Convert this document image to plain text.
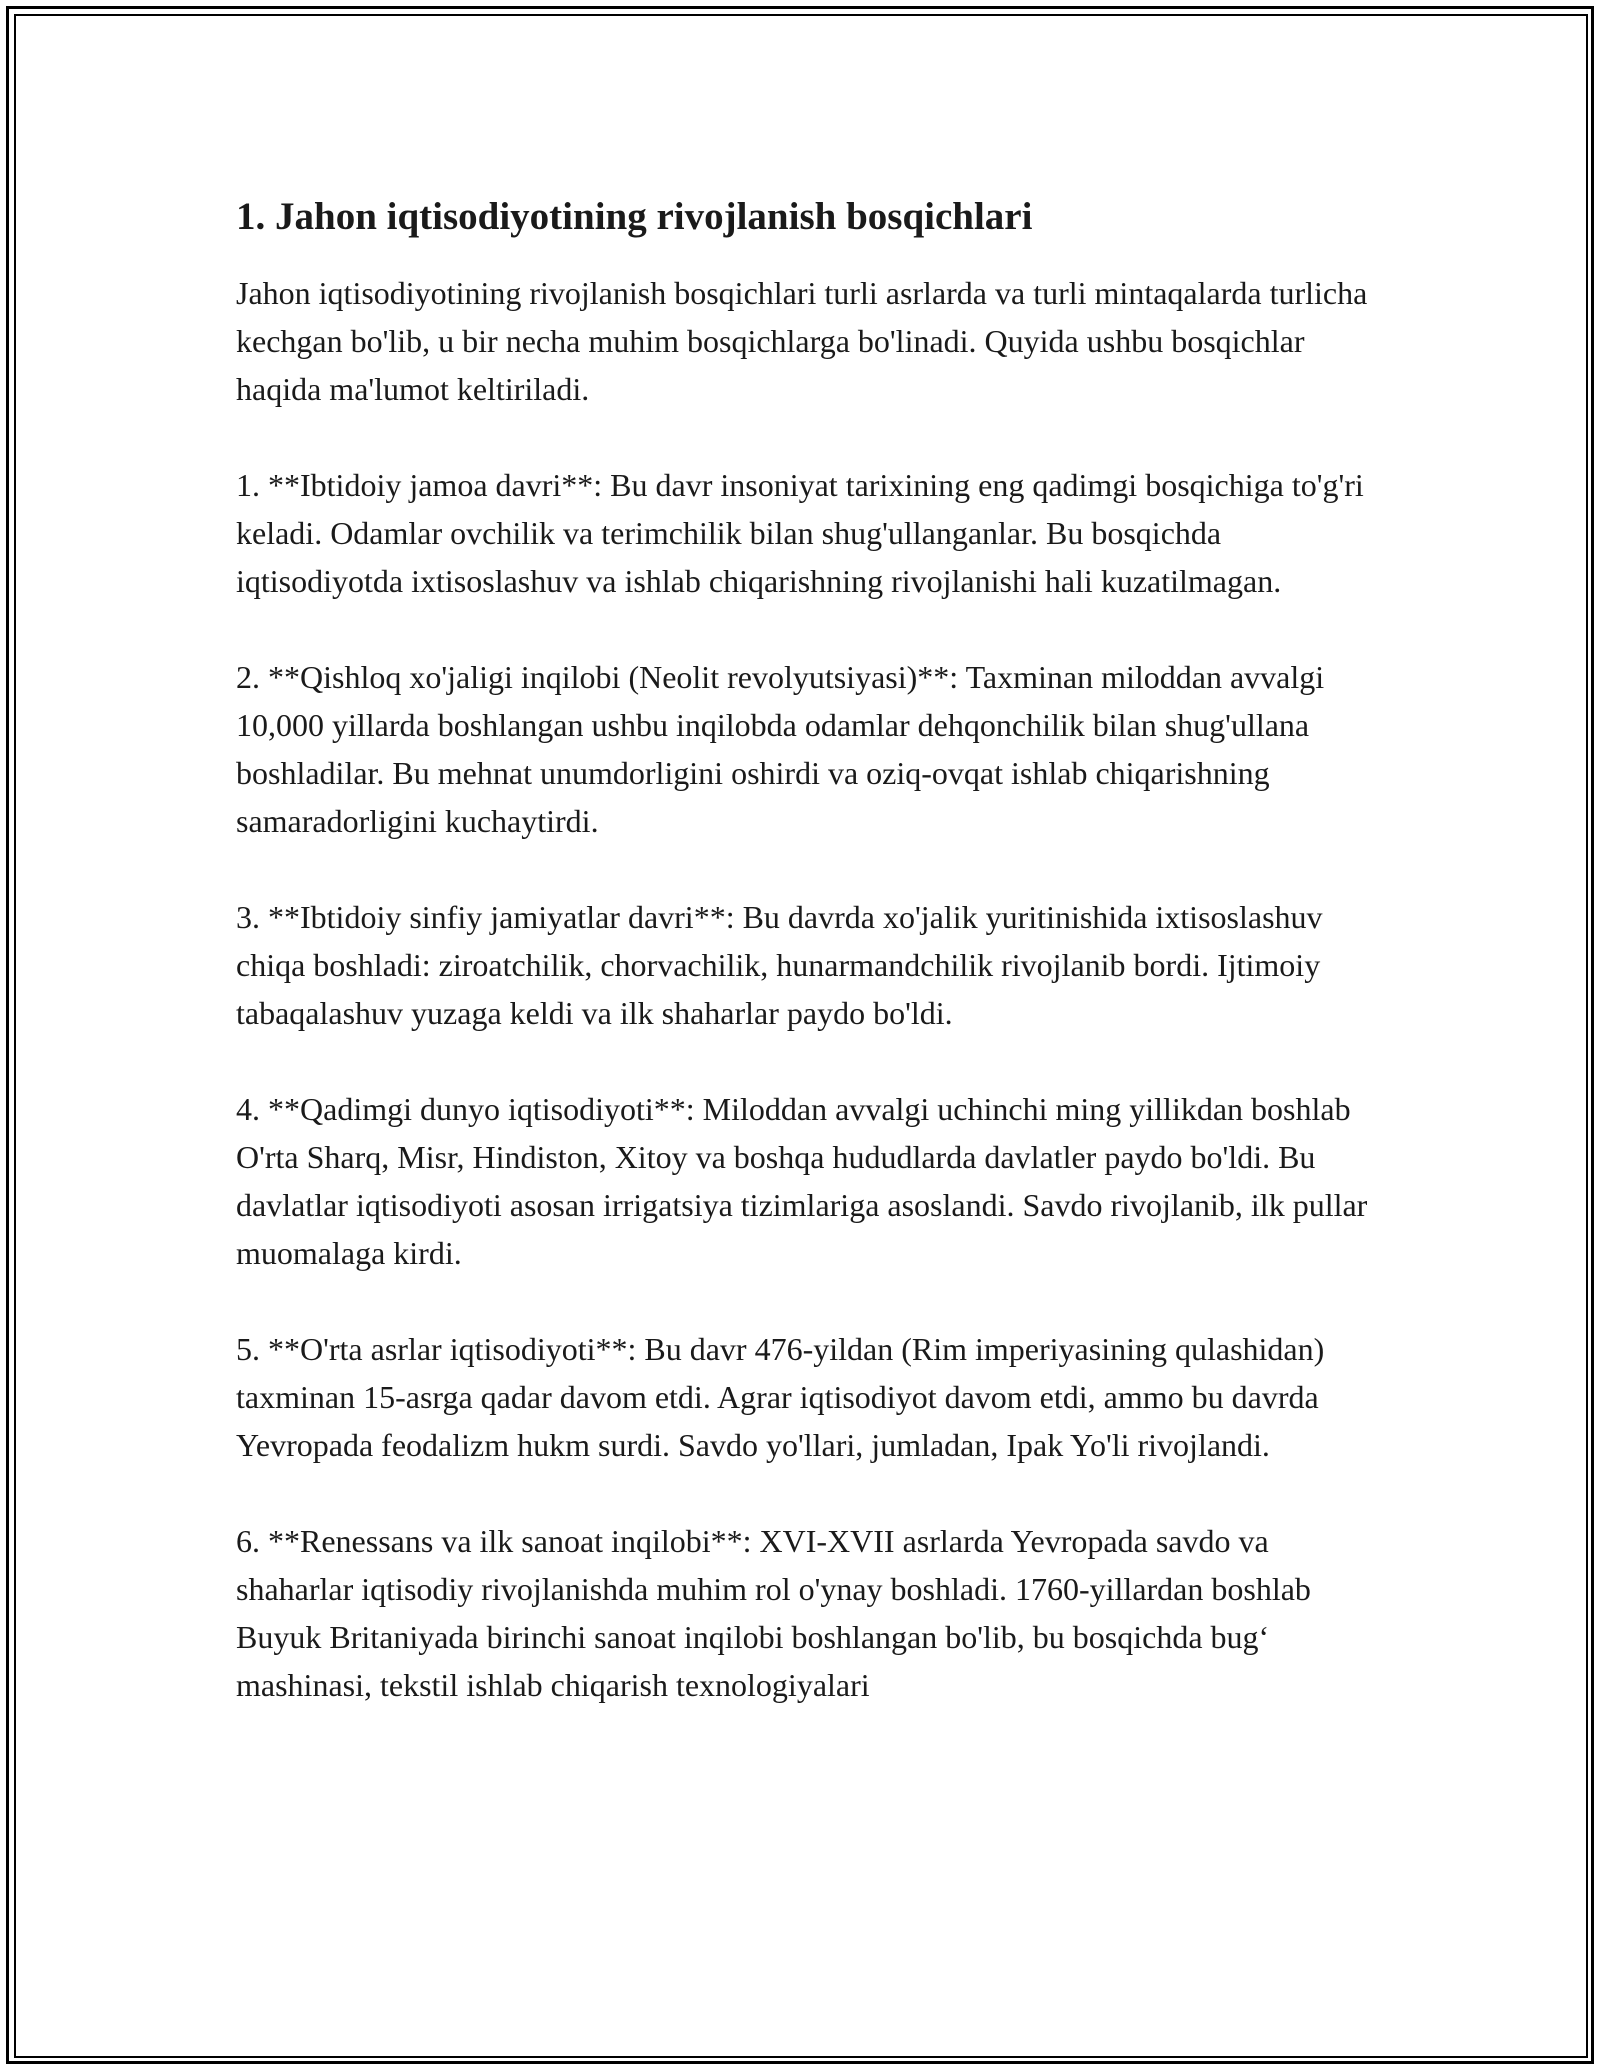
1. Jahon iqtisodiyotining rivojlanish bosqichlari

Jahon iqtisodiyotining rivojlanish bosqichlari turli asrlarda va turli mintaqalarda turlicha kechgan bo'lib, u bir necha muhim bosqichlarga bo'linadi. Quyida ushbu bosqichlar haqida ma'lumot keltiriladi.

1. **Ibtidoiy jamoa davri**: Bu davr insoniyat tarixining eng qadimgi bosqichiga to'g'ri keladi. Odamlar ovchilik va terimchilik bilan shug'ullanganlar. Bu bosqichda iqtisodiyotda ixtisoslashuv va ishlab chiqarishning rivojlanishi hali kuzatilmagan.

2. **Qishloq xo'jaligi inqilobi (Neolit revolyutsiyasi)**: Taxminan miloddan avvalgi 10,000 yillarda boshlangan ushbu inqilobda odamlar dehqonchilik bilan shug'ullana boshladilar. Bu mehnat unumdorligini oshirdi va oziq-ovqat ishlab chiqarishning samaradorligini kuchaytirdi.

3. **Ibtidoiy sinfiy jamiyatlar davri**: Bu davrda xo'jalik yuritinishida ixtisoslashuv chiqa boshladi: ziroatchilik, chorvachilik, hunarmandchilik rivojlanib bordi. Ijtimoiy tabaqalashuv yuzaga keldi va ilk shaharlar paydo bo'ldi.

4. **Qadimgi dunyo iqtisodiyoti**: Miloddan avvalgi uchinchi ming yillikdan boshlab O'rta Sharq, Misr, Hindiston, Xitoy va boshqa hududlarda davlatler paydo bo'ldi. Bu davlatlar iqtisodiyoti asosan irrigatsiya tizimlariga asoslandi. Savdo rivojlanib, ilk pullar muomalaga kirdi.

5. **O'rta asrlar iqtisodiyoti**: Bu davr 476-yildan (Rim imperiyasining qulashidan) taxminan 15-asrga qadar davom etdi. Agrar iqtisodiyot davom etdi, ammo bu davrda Yevropada feodalizm hukm surdi. Savdo yo'llari, jumladan, Ipak Yo'li rivojlandi.

6. **Renessans va ilk sanoat inqilobi**: XVI-XVII asrlarda Yevropada savdo va shaharlar iqtisodiy rivojlanishda muhim rol o'ynay boshladi. 1760-yillardan boshlab Buyuk Britaniyada birinchi sanoat inqilobi boshlangan bo'lib, bu bosqichda bug‘ mashinasi, tekstil ishlab chiqarish texnologiyalari
